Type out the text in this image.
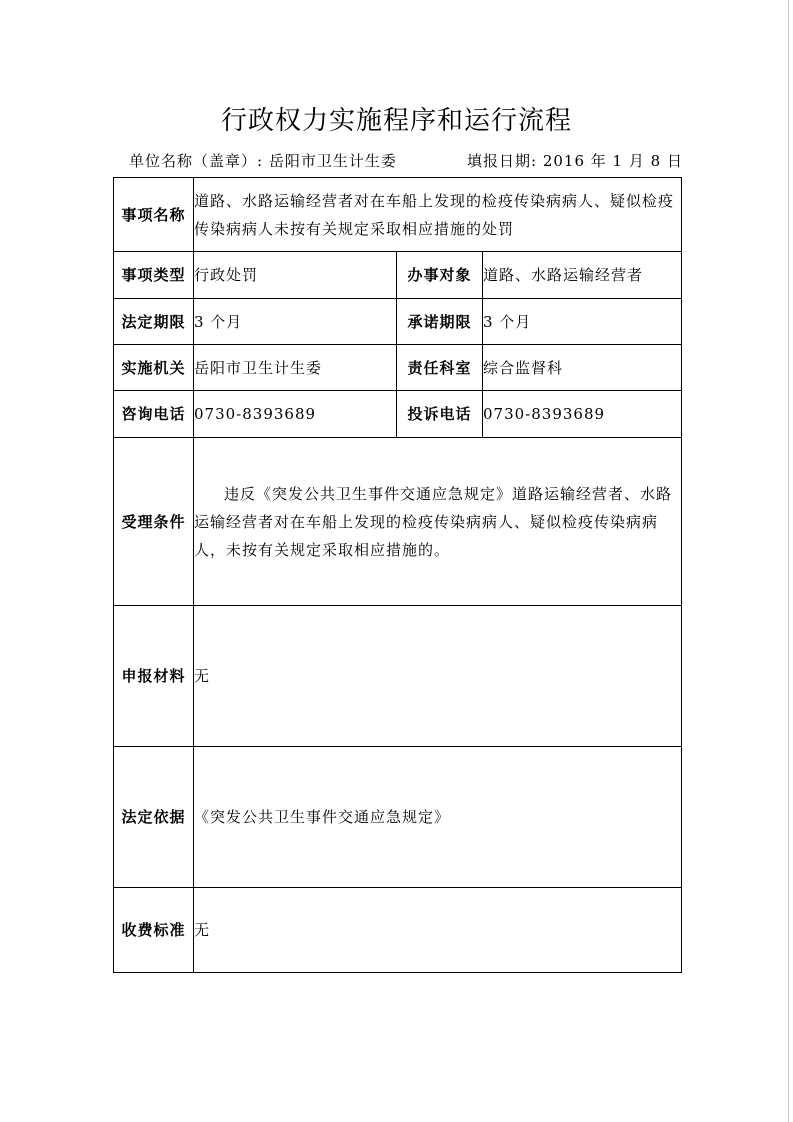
行政权力实施程序和运行流程
单位名称（盖章）: 岳阳市卫生计生委	填报日期: 2016 年 1 月 8 日
事项名称	道路、水路运输经营者对在车船上发现的检疫传染病病人、疑似检疫传染病病人未按有关规定采取相应措施的处罚		
事项类型	行政处罚	办事对象	道路、水路运输经营者
法定期限	3 个月	承诺期限	3 个月
实施机关	岳阳市卫生计生委	责任科室	综合监督科
咨询电话	0730-8393689	投诉电话	0730-8393689
受理条件	违反《突发公共卫生事件交通应急规定》道路运输经营者、水路运输经营者对在车船上发现的检疫传染病病人、疑似检疫传染病病人，未按有关规定采取相应措施的。		
申报材料	无		
法定依据	《突发公共卫生事件交通应急规定》		
收费标准	无		
